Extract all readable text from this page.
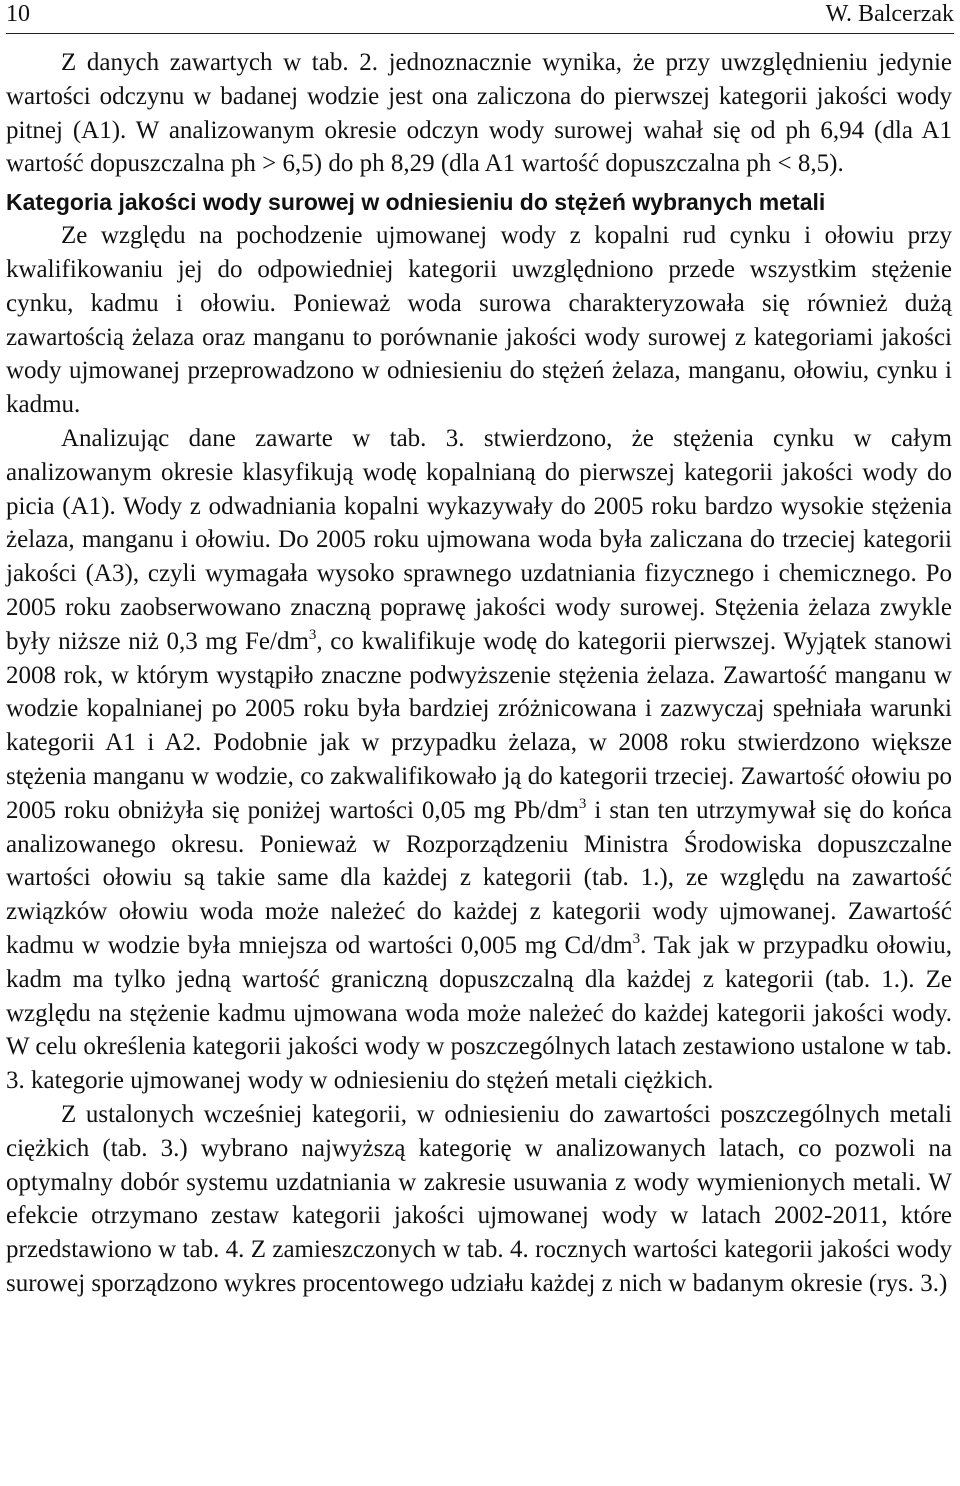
10	W. Balcerzak

Z danych zawartych w tab. 2. jednoznacznie wynika, że przy uwzględnieniu jedynie wartości odczynu w badanej wodzie jest ona zaliczona do pierwszej kategorii jakości wody pitnej (A1). W analizowanym okresie odczyn wody surowej wahał się od ph 6,94 (dla A1 wartość dopuszczalna ph > 6,5) do ph 8,29 (dla A1 wartość dopuszczalna ph < 8,5).

Kategoria jakości wody surowej w odniesieniu do stężeń wybranych metali

Ze względu na pochodzenie ujmowanej wody z kopalni rud cynku i ołowiu przy kwalifikowaniu jej do odpowiedniej kategorii uwzględniono przede wszystkim stężenie cynku, kadmu i ołowiu. Ponieważ woda surowa charakteryzowała się również dużą zawartością żelaza oraz manganu to porównanie jakości wody surowej z kategoriami jakości wody ujmowanej przeprowadzono w odniesieniu do stężeń żelaza, manganu, ołowiu, cynku i kadmu.

Analizując dane zawarte w tab. 3. stwierdzono, że stężenia cynku w całym analizowanym okresie klasyfikują wodę kopalnianą do pierwszej kategorii jakości wody do picia (A1). Wody z odwadniania kopalni wykazywały do 2005 roku bardzo wysokie stężenia żelaza, manganu i ołowiu. Do 2005 roku ujmowana woda była zaliczana do trzeciej kategorii jakości (A3), czyli wymagała wysoko sprawnego uzdatniania fizycznego i chemicznego. Po 2005 roku zaobserwowano znaczną poprawę jakości wody surowej. Stężenia żelaza zwykle były niższe niż 0,3 mg $Fe/dm^3$, co kwalifikuje wodę do kategorii pierwszej. Wyjątek stanowi 2008 rok, w którym wystąpiło znaczne podwyższenie stężenia żelaza. Zawartość manganu w wodzie kopalnianej po 2005 roku była bardziej zróżnicowana i zazwyczaj spełniała warunki kategorii A1 i A2. Podobnie jak w przypadku żelaza, w 2008 roku stwierdzono większe stężenia manganu w wodzie, co zakwalifikowało ją do kategorii trzeciej. Zawartość ołowiu po 2005 roku obniżyła się poniżej wartości 0,05 mg $Pb/dm^3$ i stan ten utrzymywał się do końca analizowanego okresu. Ponieważ w Rozporządzeniu Ministra Środowiska dopuszczalne wartości ołowiu są takie same dla każdej z kategorii (tab. 1.), ze względu na zawartość związków ołowiu woda może należeć do każdej z kategorii wody ujmowanej. Zawartość kadmu w wodzie była mniejsza od wartości 0,005 mg $Cd/dm^3$. Tak jak w przypadku ołowiu, kadm ma tylko jedną wartość graniczną dopuszczalną dla każdej z kategorii (tab. 1.). Ze względu na stężenie kadmu ujmowana woda może należeć do każdej kategorii jakości wody. W celu określenia kategorii jakości wody w poszczególnych latach zestawiono ustalone w tab. 3. kategorie ujmowanej wody w odniesieniu do stężeń metali ciężkich.

Z ustalonych wcześniej kategorii, w odniesieniu do zawartości poszczególnych metali ciężkich (tab. 3.) wybrano najwyższą kategorię w analizowanych latach, co pozwoli na optymalny dobór systemu uzdatniania w zakresie usuwania z wody wymienionych metali. W efekcie otrzymano zestaw kategorii jakości ujmowanej wody w latach 2002-2011, które przedstawiono w tab. 4. Z zamieszczonych w tab. 4. rocznych wartości kategorii jakości wody surowej sporządzono wykres procentowego udziału każdej z nich w badanym okresie (rys. 3.)
